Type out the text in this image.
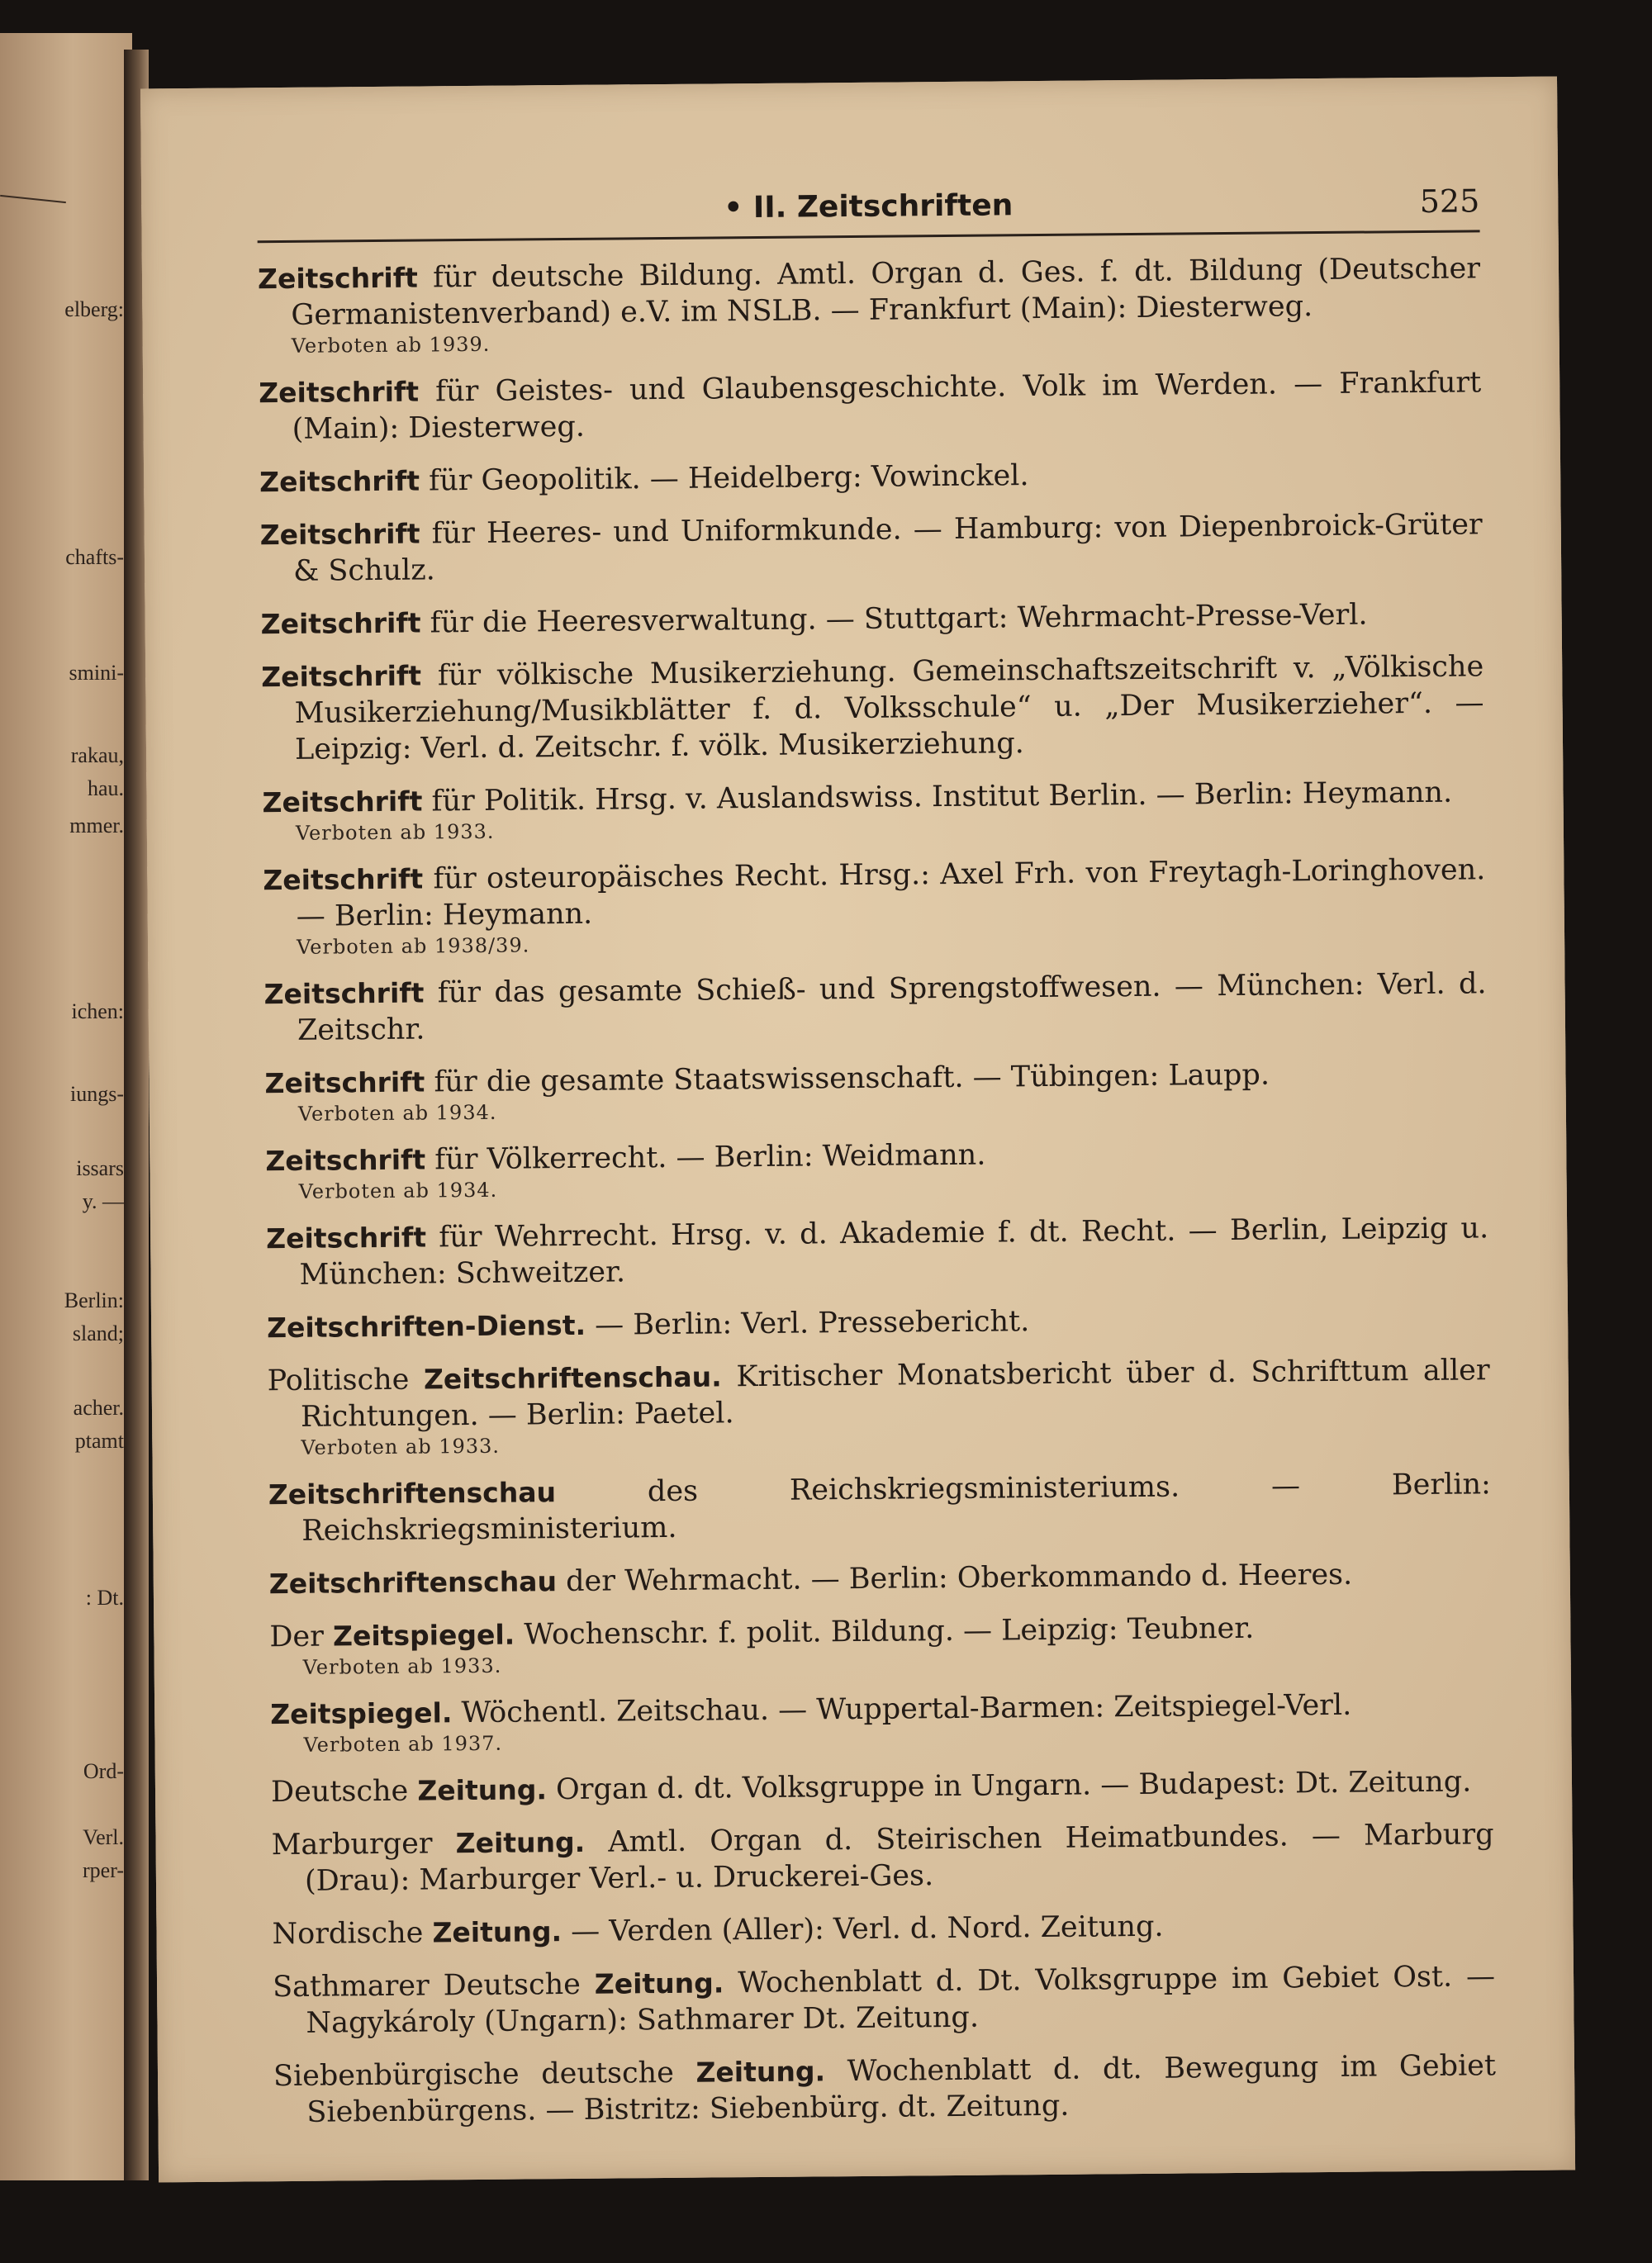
elberg:
chafts-
smini-
rakau,
hau.
mmer.
ichen:
iungs-
issars
y. —
Berlin:
sland;
acher.
ptamt
: Dt.
Ord-
Verl.
rper-
• II. Zeitschriften	525
Zeitschrift für deutsche Bildung. Amtl. Organ d. Ges. f. dt. Bildung (Deutscher Germanistenverband) e.V. im NSLB. — Frankfurt (Main): Diesterweg.
Verboten ab 1939.
Zeitschrift für Geistes- und Glaubensgeschichte. Volk im Werden. — Frankfurt (Main): Diesterweg.
Zeitschrift für Geopolitik. — Heidelberg: Vowinckel.
Zeitschrift für Heeres- und Uniformkunde. — Hamburg: von Diepenbroick-Grüter & Schulz.
Zeitschrift für die Heeresverwaltung. — Stuttgart: Wehrmacht-Presse-Verl.
Zeitschrift für völkische Musikerziehung. Gemeinschaftszeitschrift v. „Völkische Musikerziehung/Musikblätter f. d. Volksschule“ u. „Der Musikerzieher“. — Leipzig: Verl. d. Zeitschr. f. völk. Musikerziehung.
Zeitschrift für Politik. Hrsg. v. Auslandswiss. Institut Berlin. — Berlin: Heymann.
Verboten ab 1933.
Zeitschrift für osteuropäisches Recht. Hrsg.: Axel Frh. von Freytagh-Loringhoven. — Berlin: Heymann.
Verboten ab 1938/39.
Zeitschrift für das gesamte Schieß- und Sprengstoffwesen. — München: Verl. d. Zeitschr.
Zeitschrift für die gesamte Staatswissenschaft. — Tübingen: Laupp.
Verboten ab 1934.
Zeitschrift für Völkerrecht. — Berlin: Weidmann.
Verboten ab 1934.
Zeitschrift für Wehrrecht. Hrsg. v. d. Akademie f. dt. Recht. — Berlin, Leipzig u. München: Schweitzer.
Zeitschriften-Dienst. — Berlin: Verl. Pressebericht.
Politische Zeitschriftenschau. Kritischer Monatsbericht über d. Schrifttum aller Richtungen. — Berlin: Paetel.
Verboten ab 1933.
Zeitschriftenschau	des Reichskriegsministeriums. — Berlin: Reichskriegsministerium.
Zeitschriftenschau der Wehrmacht. — Berlin: Oberkommando d. Heeres.
Der Zeitspiegel. Wochenschr. f. polit. Bildung. — Leipzig: Teubner.
Verboten ab 1933.
Zeitspiegel. Wöchentl. Zeitschau. — Wuppertal-Barmen: Zeitspiegel-Verl.
Verboten ab 1937.
Deutsche Zeitung. Organ d. dt. Volksgruppe in Ungarn. — Budapest: Dt. Zeitung.
Marburger Zeitung. Amtl. Organ d. Steirischen Heimatbundes. — Marburg (Drau): Marburger Verl.- u. Druckerei-Ges.
Nordische Zeitung. — Verden (Aller): Verl. d. Nord. Zeitung.
Sathmarer Deutsche Zeitung. Wochenblatt d. Dt. Volksgruppe im Gebiet Ost. — Nagykároly (Ungarn): Sathmarer Dt. Zeitung.
Siebenbürgische deutsche Zeitung. Wochenblatt d. dt. Bewegung im Gebiet Siebenbürgens. — Bistritz: Siebenbürg. dt. Zeitung.
